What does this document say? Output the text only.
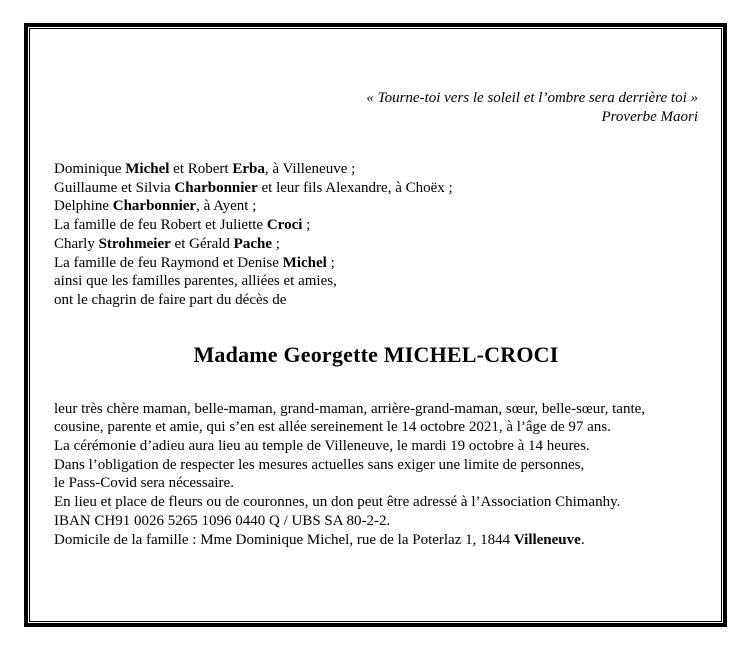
« Tourne-toi vers le soleil et l’ombre sera derrière toi »
Proverbe Maori
Dominique Michel et Robert Erba, à Villeneuve ;
Guillaume et Silvia Charbonnier et leur fils Alexandre, à Choëx ;
Delphine Charbonnier, à Ayent ;
La famille de feu Robert et Juliette Croci ;
Charly Strohmeier et Gérald Pache ;
La famille de feu Raymond et Denise Michel ;
ainsi que les familles parentes, alliées et amies,
ont le chagrin de faire part du décès de
Madame Georgette MICHEL-CROCI
leur très chère maman, belle-maman, grand-maman, arrière-grand-maman, sœur, belle-sœur, tante,
cousine, parente et amie, qui s’en est allée sereinement le 14 octobre 2021, à l’âge de 97 ans.
La cérémonie d’adieu aura lieu au temple de Villeneuve, le mardi 19 octobre à 14 heures.
Dans l’obligation de respecter les mesures actuelles sans exiger une limite de personnes,
le Pass-Covid sera nécessaire.
En lieu et place de fleurs ou de couronnes, un don peut être adressé à l’Association Chimanhy.
IBAN CH91 0026 5265 1096 0440 Q / UBS SA 80-2-2.
Domicile de la famille : Mme Dominique Michel, rue de la Poterlaz 1, 1844 Villeneuve.
